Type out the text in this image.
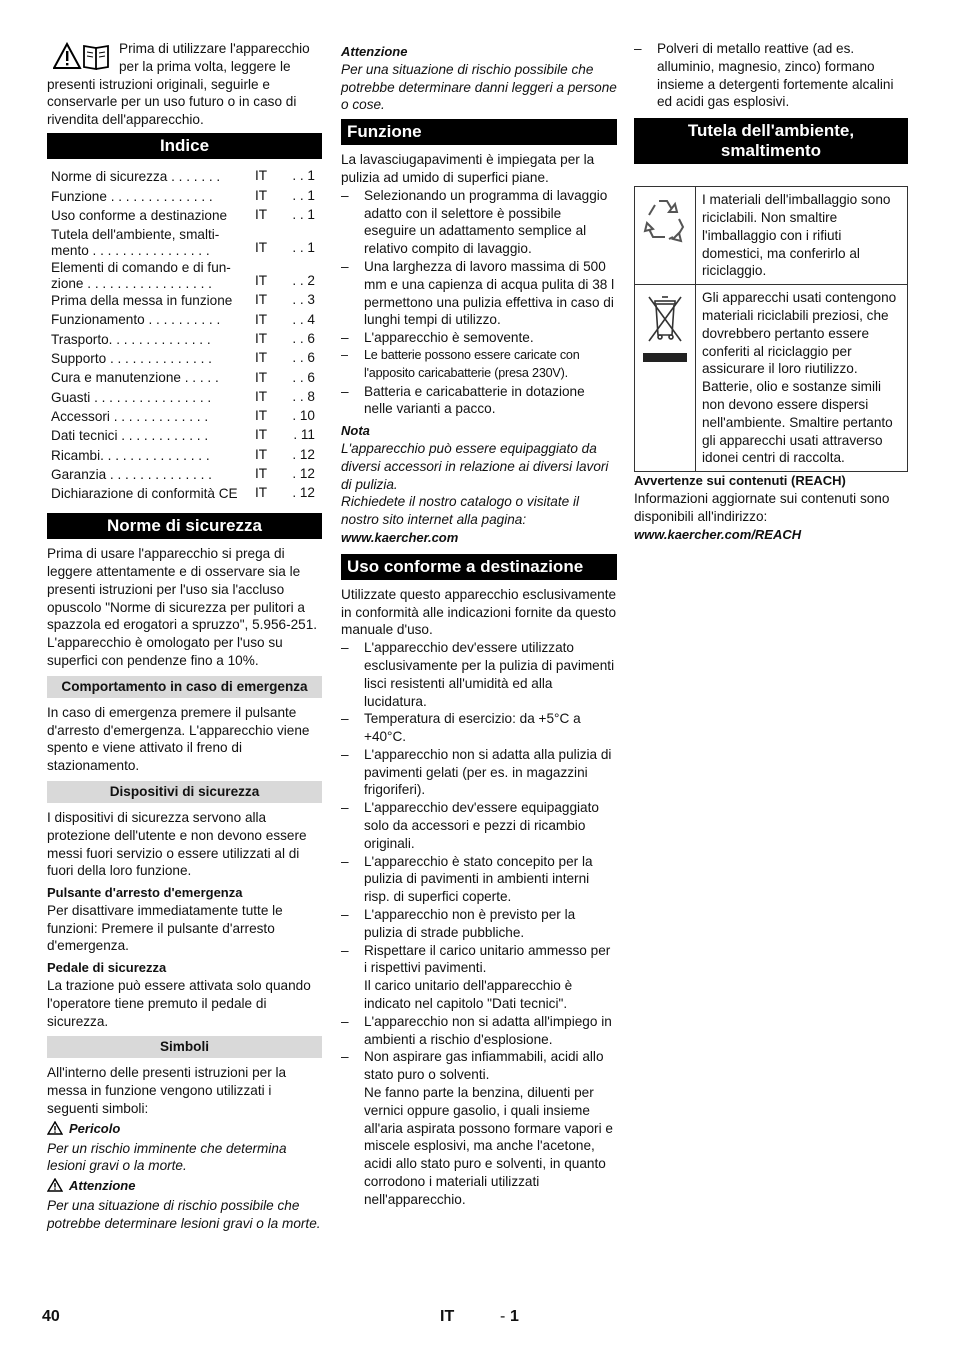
Prima di utilizzare l'apparecchio per la prima volta, leggere le presenti istruzioni originali, seguirle e conservarle per un uso futuro o in caso di rivendita dell'apparecchio.

Indice
Norme di sicurezza . . . . . . .	IT . . 1
Funzione . . . . . . . . . . . . . .	IT . . 1
Uso conforme a destinazione	IT . . 1
Tutela dell'ambiente, smalti-mento . . . . . . . . . . . . . . . .	IT . . 1
Elementi di comando e di fun-zione . . . . . . . . . . . . . . . . .	IT . . 2
Prima della messa in funzione	IT . . 3
Funzionamento . . . . . . . . . .	IT . . 4
Trasporto. . . . . . . . . . . . . .	IT . . 6
Supporto . . . . . . . . . . . . . .	IT . . 6
Cura e manutenzione . . . . .	IT . . 6
Guasti . . . . . . . . . . . . . . . .	IT . . 8
Accessori . . . . . . . . . . . . .	IT . 10
Dati tecnici . . . . . . . . . . . .	IT . 11
Ricambi. . . . . . . . . . . . . . .	IT . 12
Garanzia . . . . . . . . . . . . . .	IT . 12
Dichiarazione di conformità CE	IT . 12
Norme di sicurezza

Prima di usare l'apparecchio si prega di leggere attentamente e di osservare sia le presenti istruzioni per l'uso sia l'accluso opuscolo "Norme di sicurezza per pulitori a spazzola ed erogatori a spruzzo", 5.956-251.

L'apparecchio è omologato per l'uso su superfici con pendenze fino a 10%.

Comportamento in caso di emergenza

In caso di emergenza premere il pulsante d'arresto d'emergenza. L'apparecchio viene spento e viene attivato il freno di stazionamento.

Dispositivi di sicurezza

I dispositivi di sicurezza servono alla protezione dell'utente e non devono essere messi fuori servizio o essere utilizzati al di fuori della loro funzione.

Pulsante d'arresto d'emergenza

Per disattivare immediatamente tutte le funzioni: Premere il pulsante d'arresto d'emergenza.

Pedale di sicurezza

La trazione può essere attivata solo quando l'operatore tiene premuto il pedale di sicurezza.

Simboli

All'interno delle presenti istruzioni per la messa in funzione vengono utilizzati i seguenti simboli:

Pericolo

Per un rischio imminente che determina lesioni gravi o la morte.

Attenzione

Per una situazione di rischio possibile che potrebbe determinare lesioni gravi o la morte.

Attenzione

Per una situazione di rischio possibile che potrebbe determinare danni leggeri a persone o cose.

Funzione

La lavasciugapavimenti è impiegata per la pulizia ad umido di superfici piane.

– Selezionando un programma di lavaggio adatto con il selettore è possibile eseguire un adattamento semplice al relativo compito di lavaggio.

– Una larghezza di lavoro massima di 500 mm e una capienza di acqua pulita di 38 l permettono una pulizia effettiva in caso di lunghi tempi di utilizzo.

– L'apparecchio è semovente.

– Le batterie possono essere caricate con l'apposito caricabatterie (presa 230V).

– Batteria e caricabatterie in dotazione nelle varianti a pacco.

Nota

L'apparecchio può essere equipaggiato da diversi accessori in relazione ai diversi lavori di pulizia.

Richiedete il nostro catalogo o visitate il nostro sito internet alla pagina:

www.kaercher.com

Uso conforme a destinazione

Utilizzate questo apparecchio esclusivamente in conformità alle indicazioni fornite da questo manuale d'uso.

– L'apparecchio dev'essere utilizzato esclusivamente per la pulizia di pavimenti lisci resistenti all'umidità ed alla lucidatura.

– Temperatura di esercizio: da +5°C a +40°C.

– L'apparecchio non si adatta alla pulizia di pavimenti gelati (per es. in magazzini frigoriferi).

– L'apparecchio dev'essere equipaggiato solo da accessori e pezzi di ricambio originali.

– L'apparecchio è stato concepito per la pulizia di pavimenti in ambienti interni risp. di superfici coperte.

– L'apparecchio non è previsto per la pulizia di strade pubbliche.

– Rispettare il carico unitario ammesso per i rispettivi pavimenti.

Il carico unitario dell'apparecchio è indicato nel capitolo "Dati tecnici".

– L'apparecchio non si adatta all'impiego in ambienti a rischio d'esplosione.

– Non aspirare gas infiammabili, acidi allo stato puro o solventi.

Ne fanno parte la benzina, diluenti per vernici oppure gasolio, i quali insieme all'aria aspirata possono formare vapori e miscele esplosivi, ma anche l'acetone, acidi allo stato puro e solventi, in quanto corrodono i materiali utilizzati nell'apparecchio.

– Polveri di metallo reattive (ad es. alluminio, magnesio, zinco) formano insieme a detergenti fortemente alcalini ed acidi gas esplosivi.

Tutela dell'ambiente, smaltimento
	I materiali dell'imballaggio sono riciclabili. Non smaltire l'imballaggio con i rifiuti domestici, ma conferirlo al riciclaggio.
	Gli apparecchi usati contengono materiali riciclabili preziosi, che dovrebbero pertanto essere conferiti al riciclaggio per assicurare il loro riutilizzo. Batterie, olio e sostanze simili non devono essere dispersi nell'ambiente. Smaltire pertanto gli apparecchi usati attraverso idonei centri di raccolta.

Avvertenze sui contenuti (REACH)

Informazioni aggiornate sui contenuti sono disponibili all'indirizzo:

www.kaercher.com/REACH

40	IT	- 1
